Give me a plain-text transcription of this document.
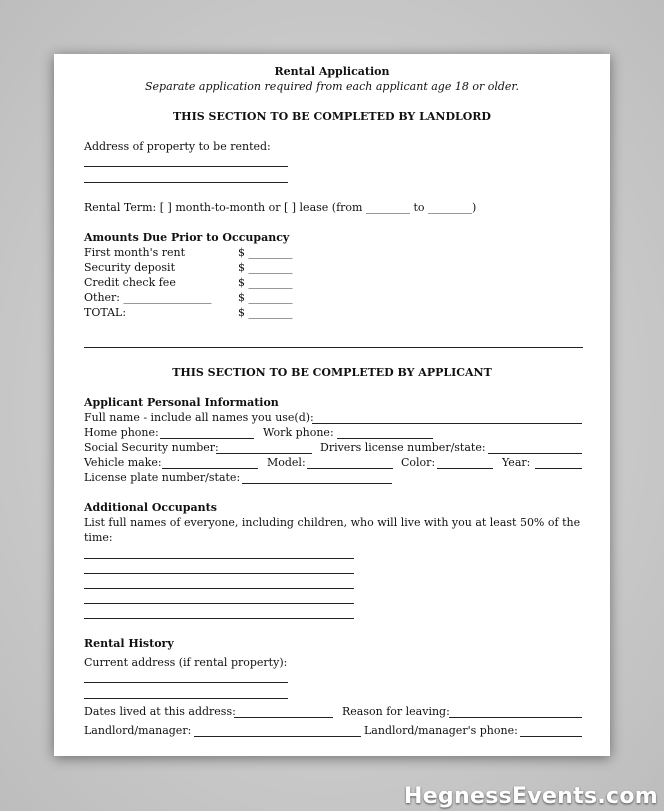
Rental Application
Separate application required from each applicant age 18 or older.
THIS SECTION TO BE COMPLETED BY LANDLORD
Address of property to be rented:
Rental Term: [ ] month-to-month or [ ] lease (from ________ to ________)
Amounts Due Prior to Occupancy
First month's rent	$ ________
Security deposit	$ ________
Credit check fee	$ ________
Other: ________________ $ ________
TOTAL:	$ ________
THIS SECTION TO BE COMPLETED BY APPLICANT
Applicant Personal Information
Full name - include all names you use(d):
Home phone:	Work phone:
Social Security number:	Drivers license number/state:
Vehicle make:	Model:	Color:	Year:
License plate number/state:
Additional Occupants
List full names of everyone, including children, who will live with you at least 50% of the
time:
Rental History
Current address (if rental property):
Dates lived at this address:	Reason for leaving:
Landlord/manager:	Landlord/manager's phone:
HegnessEvents.com
